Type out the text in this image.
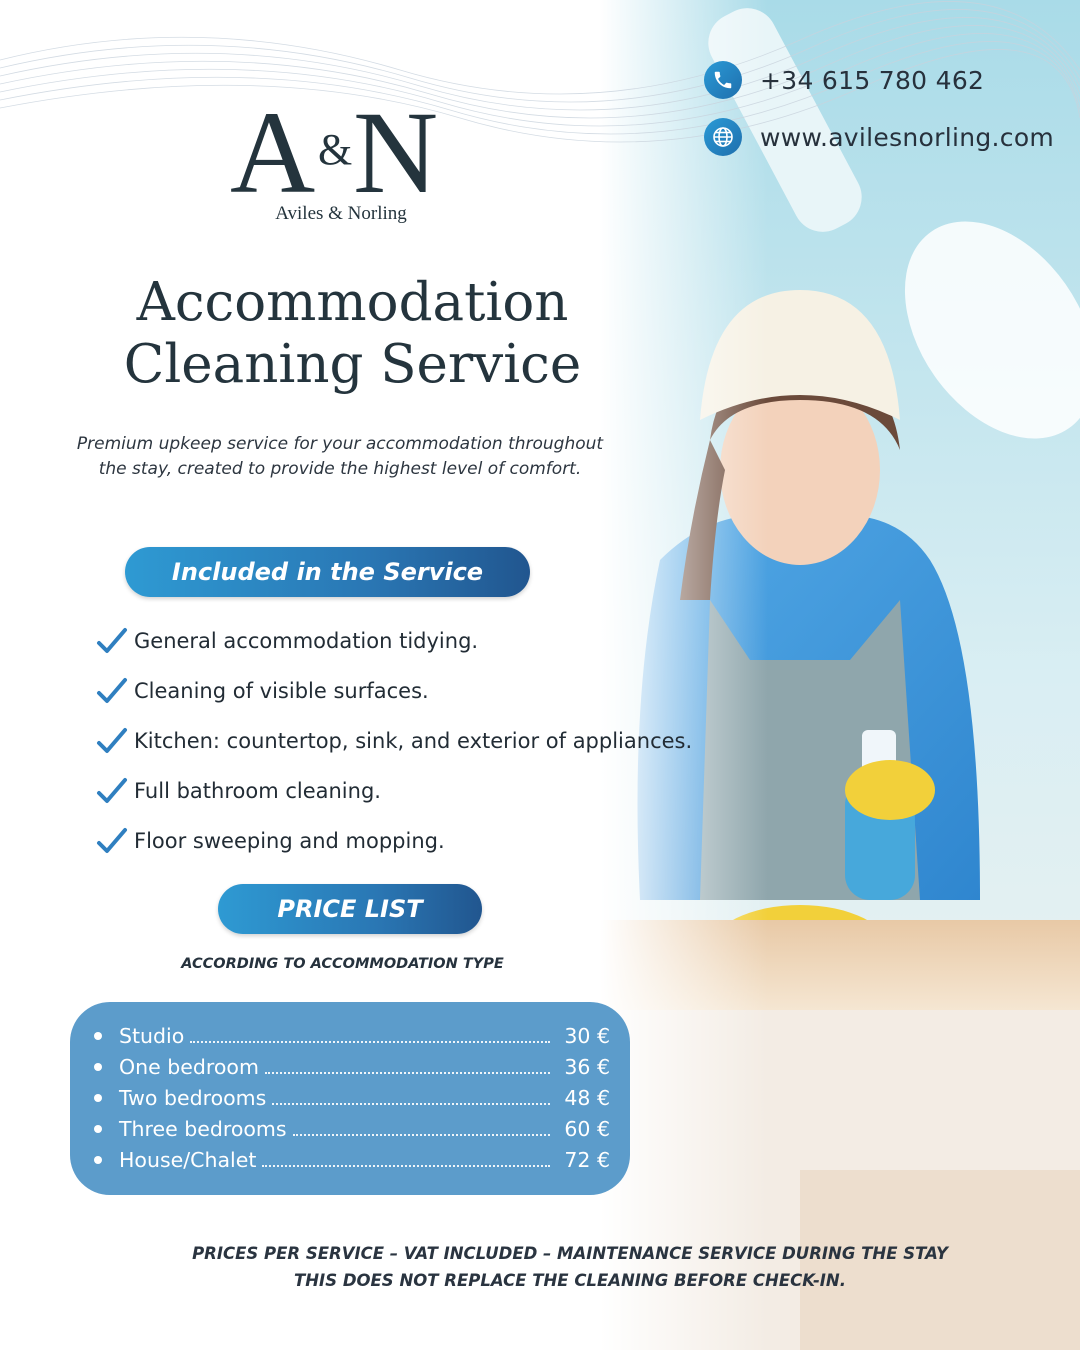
+34 615 780 462
www.avilesnorling.com
A & N
Aviles & Norling
Accommodation
Cleaning Service
Premium upkeep service for your accommodation throughout the stay, created to provide the highest level of comfort.
Included in the Service
General accommodation tidying.
Cleaning of visible surfaces.
Kitchen: countertop, sink, and exterior of appliances.
Full bathroom cleaning.
Floor sweeping and mopping.
PRICE LIST
ACCORDING TO ACCOMMODATION TYPE
Studio	30 €
One bedroom	36 €
Two bedrooms	48 €
Three bedrooms	60 €
House/Chalet	72 €
PRICES PER SERVICE – VAT INCLUDED – MAINTENANCE SERVICE DURING THE STAY
THIS DOES NOT REPLACE THE CLEANING BEFORE CHECK-IN.
